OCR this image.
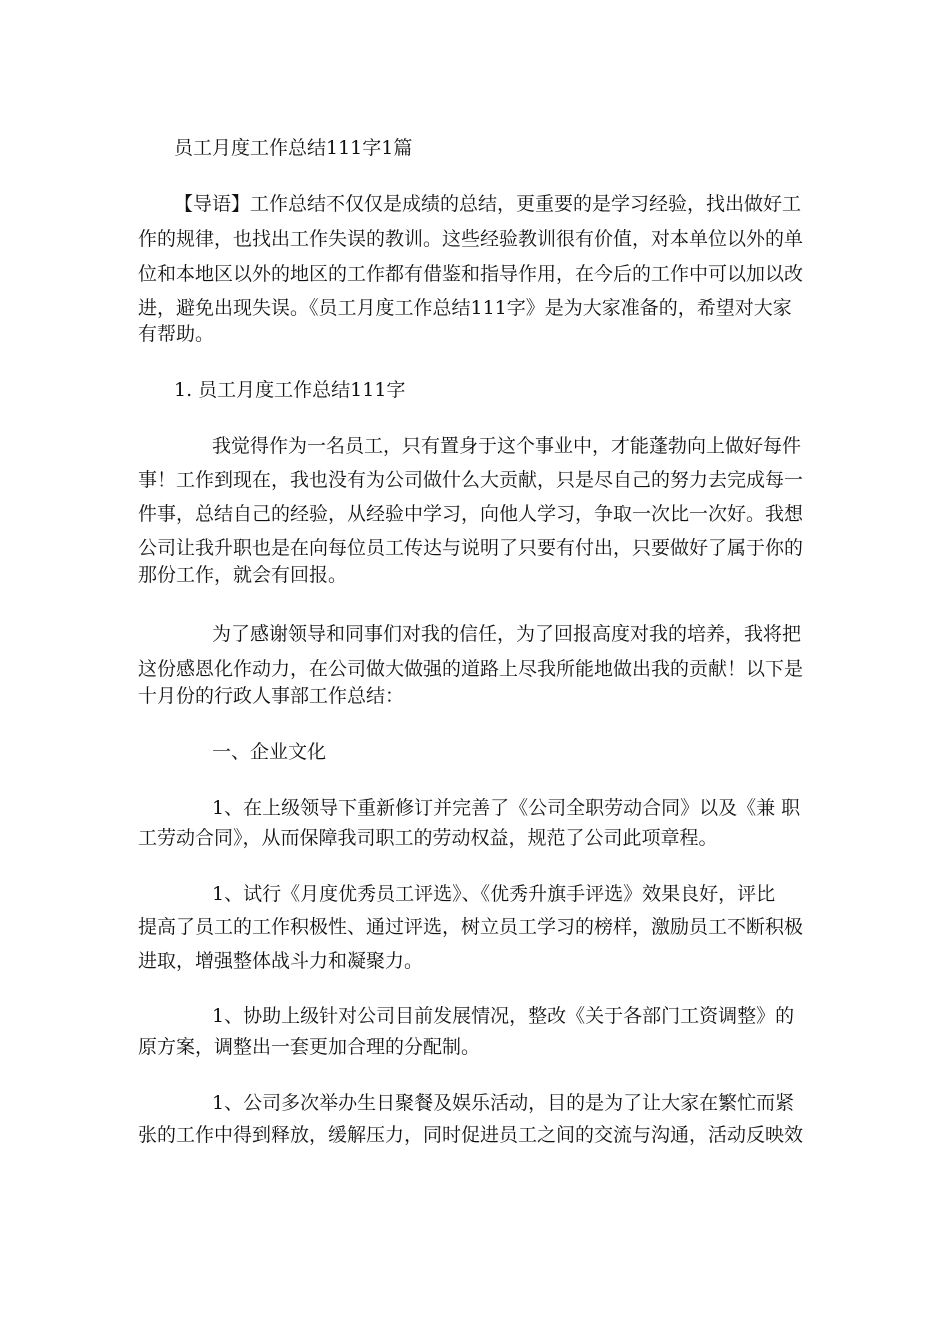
员工月度工作总结111字1篇
【导语】工作总结不仅仅是成绩的总结，更重要的是学习经验，找出做好工
作的规律，也找出工作失误的教训。这些经验教训很有价值，对本单位以外的单
位和本地区以外的地区的工作都有借鉴和指导作用，在今后的工作中可以加以改
进，避免出现失误。《员工月度工作总结111字》是为大家准备的，希望对大家
有帮助。
1. 员工月度工作总结111字
我觉得作为一名员工，只有置身于这个事业中，才能蓬勃向上做好每件
事！工作到现在，我也没有为公司做什么大贡献，只是尽自己的努力去完成每一
件事，总结自己的经验，从经验中学习，向他人学习，争取一次比一次好。我想
公司让我升职也是在向每位员工传达与说明了只要有付出，只要做好了属于你的
那份工作，就会有回报。
为了感谢领导和同事们对我的信任，为了回报高度对我的培养，我将把
这份感恩化作动力，在公司做大做强的道路上尽我所能地做出我的贡献！以下是
十月份的行政人事部工作总结：
一、企业文化
1、在上级领导下重新修订并完善了《公司全职劳动合同》以及《兼 职
工劳动合同》，从而保障我司职工的劳动权益，规范了公司此项章程。
1、试行《月度优秀员工评选》、《优秀升旗手评选》效果良好，评比
提高了员工的工作积极性、通过评选，树立员工学习的榜样，激励员工不断积极
进取，增强整体战斗力和凝聚力。
1、协助上级针对公司目前发展情况，整改《关于各部门工资调整》的
原方案，调整出一套更加合理的分配制。
1、公司多次举办生日聚餐及娱乐活动，目的是为了让大家在繁忙而紧
张的工作中得到释放，缓解压力，同时促进员工之间的交流与沟通，活动反映效
